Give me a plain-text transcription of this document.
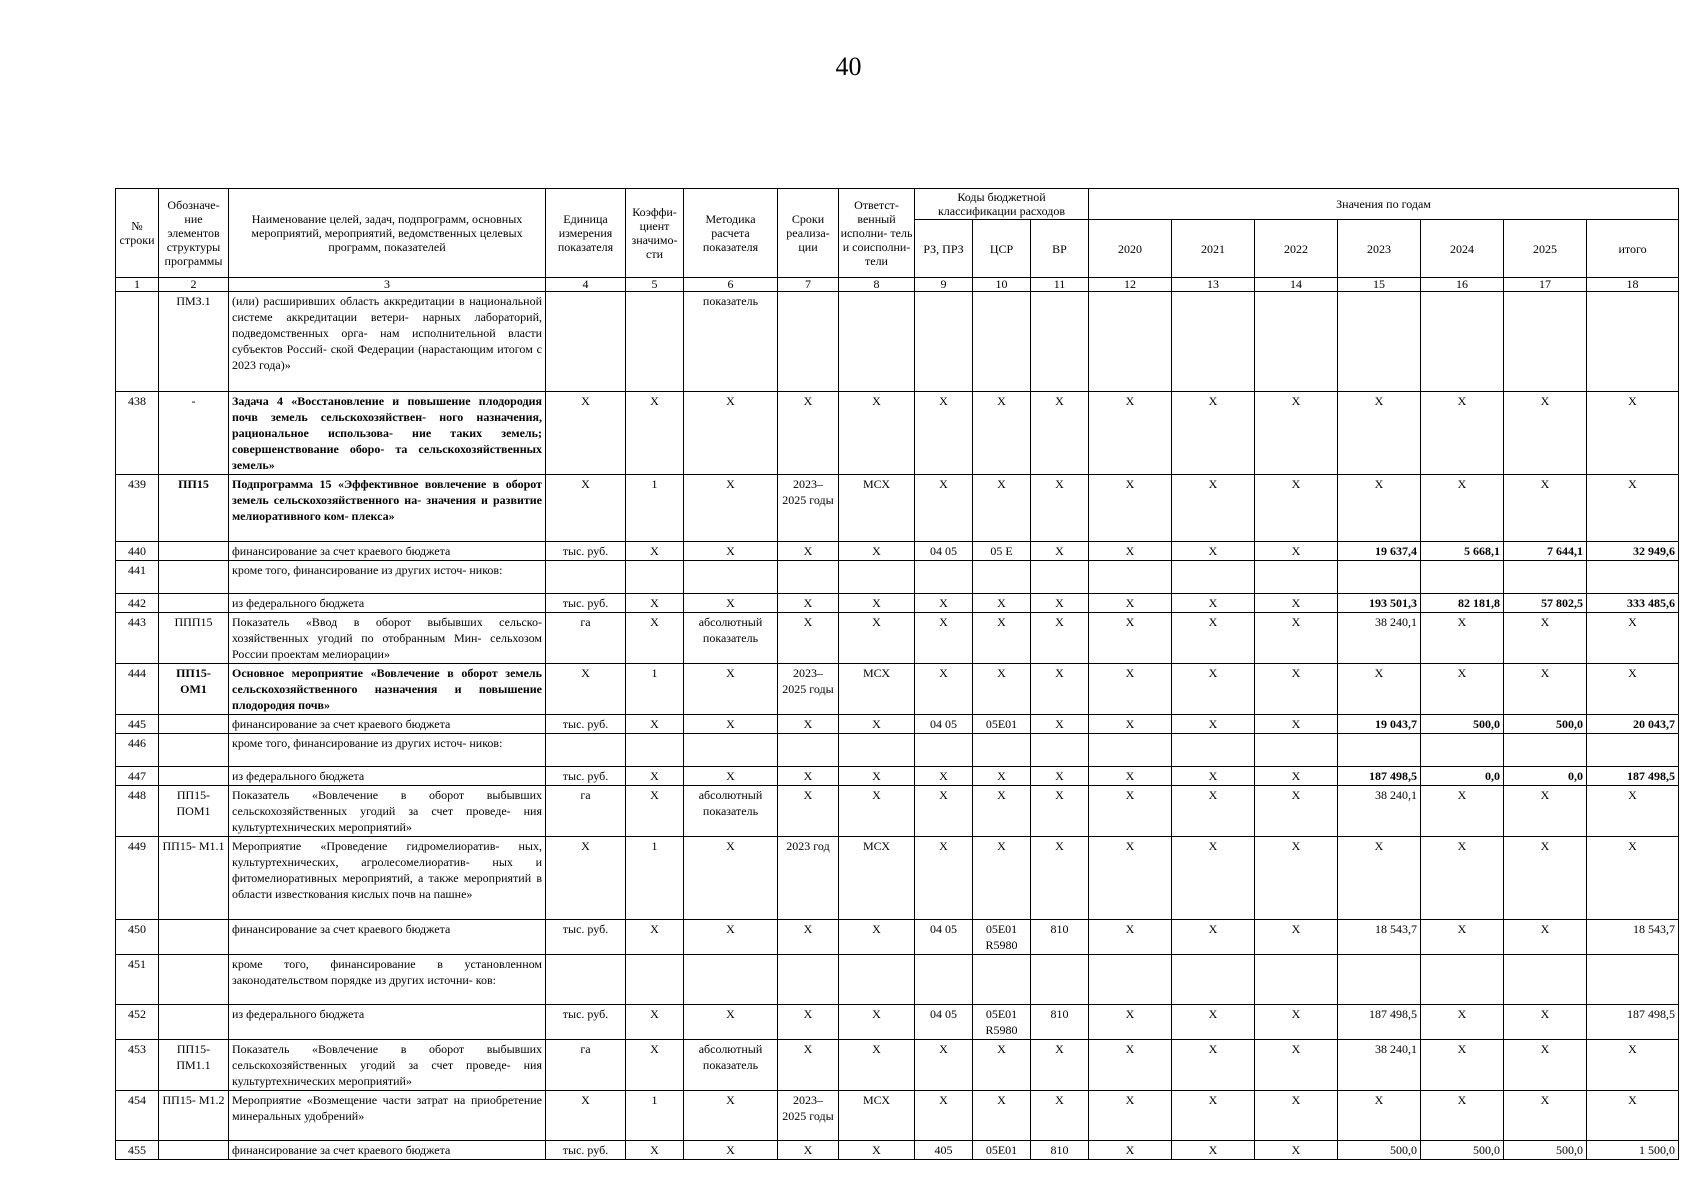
40
№ строки	Обозначе- ние элементов структуры программы	Наименование целей, задач, подпрограмм, основных мероприятий, мероприятий, ведомственных целевых программ, показателей	Единица измерения показателя	Коэффи- циент значимо- сти	Методика расчета показателя	Сроки реализа- ции	Ответст- венный исполни- тель и соисполни- тели	Коды бюджетной классификации расходов			Значения по годам						
								РЗ, ПРЗ	ЦСР	ВР	2020	2021	2022	2023	2024	2025	итого
1	2	3	4	5	6	7	8	9	10	11	12	13	14	15	16	17	18
	ПМЗ.1	(или) расширивших область аккредитации в национальной системе аккредитации ветери- нарных лабораторий, подведомственных орга- нам исполнительной власти субъектов Россий- ской Федерации (нарастающим итогом с 2023 года)»			показатель												
438	-	Задача 4 «Восстановление и повышение плодородия почв земель сельскохозяйствен- ного назначения, рациональное использова- ние таких земель; совершенствование оборо- та сельскохозяйственных земель»	X	X	X	X	X	X	X	X	X	X	X	X	X	X	X
439	ПП15	Подпрограмма 15 «Эффективное вовлечение в оборот земель сельскохозяйственного на- значения и развитие мелиоративного ком- плекса»	X	1	X	2023– 2025 годы	МСХ	X	X	X	X	X	X	X	X	X	X
440		финансирование за счет краевого бюджета	тыс. руб.	X	X	X	X	04 05	05 Е	X	X	X	X	19 637,4	5 668,1	7 644,1	32 949,6
441		кроме того, финансирование из других источ- ников:															
442		из федерального бюджета	тыс. руб.	X	X	X	X	X	X	X	X	X	X	193 501,3	82 181,8	57 802,5	333 485,6
443	ППП15	Показатель «Ввод в оборот выбывших сельско- хозяйственных угодий по отобранным Мин- сельхозом России проектам мелиорации»	га	X	абсолютный показатель	X	X	X	X	X	X	X	X	38 240,1	X	X	X
444	ПП15- ОМ1	Основное мероприятие «Вовлечение в оборот земель сельскохозяйственного назначения и повышение плодородия почв»	X	1	X	2023– 2025 годы	МСХ	X	X	X	X	X	X	X	X	X	X
445		финансирование за счет краевого бюджета	тыс. руб.	X	X	X	X	04 05	05Е01	X	X	X	X	19 043,7	500,0	500,0	20 043,7
446		кроме того, финансирование из других источ- ников:															
447		из федерального бюджета	тыс. руб.	X	X	X	X	X	X	X	X	X	X	187 498,5	0,0	0,0	187 498,5
448	ПП15- ПОМ1	Показатель «Вовлечение в оборот выбывших сельскохозяйственных угодий за счет проведе- ния культуртехнических мероприятий»	га	X	абсолютный показатель	X	X	X	X	X	X	X	X	38 240,1	X	X	X
449	ПП15- М1.1	Мероприятие «Проведение гидромелиоратив- ных, культуртехнических, агролесомелиоратив- ных и фитомелиоративных мероприятий, а также мероприятий в области известкования кислых почв на пашне»	X	1	X	2023 год	МСХ	X	X	X	X	X	X	X	X	X	X
450		финансирование за счет краевого бюджета	тыс. руб.	X	X	X	X	04 05	05Е01 R5980	810	X	X	X	18 543,7	X	X	18 543,7
451		кроме того, финансирование в установленном законодательством порядке из других источни- ков:															
452		из федерального бюджета	тыс. руб.	X	X	X	X	04 05	05Е01 R5980	810	X	X	X	187 498,5	X	X	187 498,5
453	ПП15- ПМ1.1	Показатель «Вовлечение в оборот выбывших сельскохозяйственных угодий за счет проведе- ния культуртехнических мероприятий»	га	X	абсолютный показатель	X	X	X	X	X	X	X	X	38 240,1	X	X	X
454	ПП15- М1.2	Мероприятие «Возмещение части затрат на приобретение минеральных удобрений»	X	1	X	2023– 2025 годы	МСХ	X	X	X	X	X	X	X	X	X	X
455		финансирование за счет краевого бюджета	тыс. руб.	X	X	X	X	405	05Е01	810	X	X	X	500,0	500,0	500,0	1 500,0
